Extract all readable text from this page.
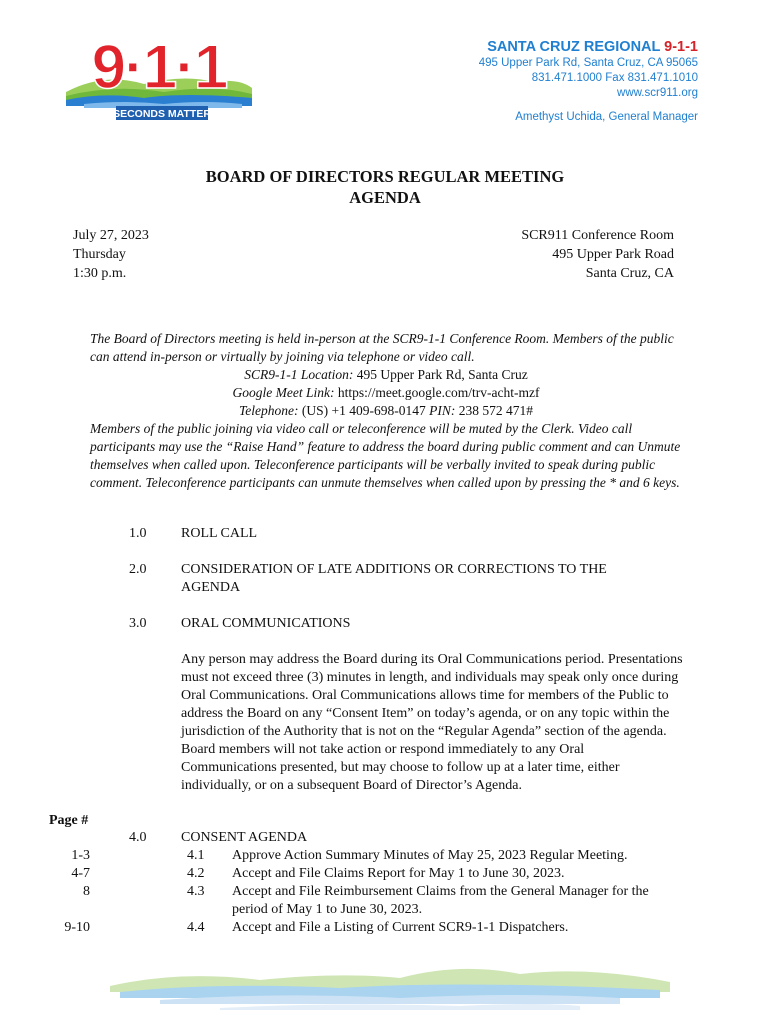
9·1·1
SECONDS MATTER
SANTA CRUZ REGIONAL 9-1-1
495 Upper Park Rd, Santa Cruz, CA 95065
831.471.1000 Fax 831.471.1010
www.scr911.org
Amethyst Uchida, General Manager
BOARD OF DIRECTORS REGULAR MEETING
AGENDA
July 27, 2023
Thursday
1:30 p.m.
SCR911 Conference Room
495 Upper Park Road
Santa Cruz, CA
The Board of Directors meeting is held in-person at the SCR9-1-1 Conference Room. Members of the public can attend in-person or virtually by joining via telephone or video call.
SCR9-1-1 Location: 495 Upper Park Rd, Santa Cruz
Google Meet Link: https://meet.google.com/trv-acht-mzf
Telephone: (US) +1 409-698-0147 PIN: 238 572 471#
Members of the public joining via video call or teleconference will be muted by the Clerk. Video call participants may use the “Raise Hand” feature to address the board during public comment and can Unmute themselves when called upon. Teleconference participants will be verbally invited to speak during public comment. Teleconference participants can unmute themselves when called upon by pressing the * and 6 keys.
1.0 ROLL CALL
2.0 CONSIDERATION OF LATE ADDITIONS OR CORRECTIONS TO THE AGENDA
3.0 ORAL COMMUNICATIONS
Any person may address the Board during its Oral Communications period. Presentations must not exceed three (3) minutes in length, and individuals may speak only once during Oral Communications. Oral Communications allows time for members of the Public to address the Board on any “Consent Item” on today’s agenda, or on any topic within the jurisdiction of the Authority that is not on the “Regular Agenda” section of the agenda.
Board members will not take action or respond immediately to any Oral Communications presented, but may choose to follow up at a later time, either individually, or on a subsequent Board of Director’s Agenda.
Page #
1-3
4-7
8
9-10
4.0 CONSENT AGENDA
4.1 Approve Action Summary Minutes of May 25, 2023 Regular Meeting.
4.2 Accept and File Claims Report for May 1 to June 30, 2023.
4.3 Accept and File Reimbursement Claims from the General Manager for the period of May 1 to June 30, 2023.
4.4 Accept and File a Listing of Current SCR9-1-1 Dispatchers.
